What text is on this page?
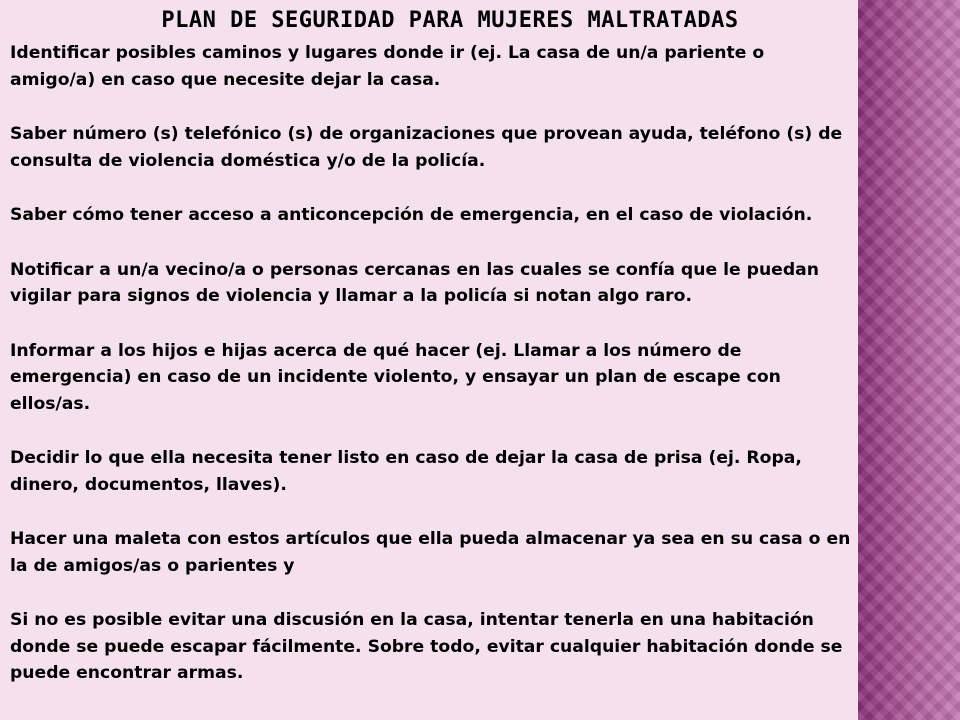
PLAN DE SEGURIDAD PARA MUJERES MALTRATADAS

Identificar posibles caminos y lugares donde ir (ej. La casa de un/a pariente o
amigo/a) en caso que necesite dejar la casa.

Saber número (s) telefónico (s) de organizaciones que provean ayuda, teléfono (s) de
consulta de violencia doméstica y/o de la policía.

Saber cómo tener acceso a anticoncepción de emergencia, en el caso de violación.

Notificar a un/a vecino/a o personas cercanas en las cuales se confía que le puedan
vigilar para signos de violencia y llamar a la policía si notan algo raro.

Informar a los hijos e hijas acerca de qué hacer (ej. Llamar a los número de
emergencia) en caso de un incidente violento, y ensayar un plan de escape con
ellos/as.

Decidir lo que ella necesita tener listo en caso de dejar la casa de prisa (ej. Ropa,
dinero, documentos, llaves).

Hacer una maleta con estos artículos que ella pueda almacenar ya sea en su casa o en
la de amigos/as o parientes y

Si no es posible evitar una discusión en la casa, intentar tenerla en una habitación
donde se puede escapar fácilmente. Sobre todo, evitar cualquier habitación donde se
puede encontrar armas.
